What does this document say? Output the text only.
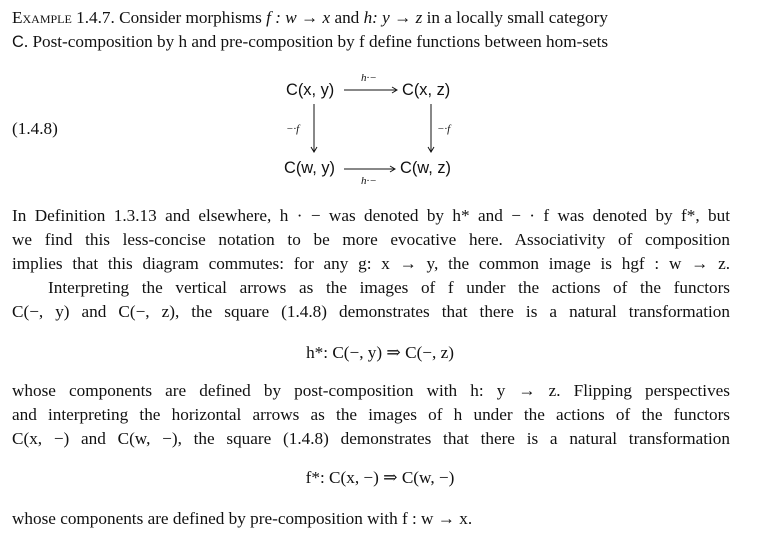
Example 1.4.7. Consider morphisms f : w → x and h: y → z in a locally small category
C. Post-composition by h and pre-composition by f define functions between hom-sets
(1.4.8)
C(x, y)	C(x, z)
C(w, y)	C(w, z)
h·−
h·−
−·f	−·f
In Definition 1.3.13 and elsewhere, h · − was denoted by h* and − · f was denoted by f*, but
we find this less-concise notation to be more evocative here. Associativity of composition
implies that this diagram commutes: for any g: x → y, the common image is hgf : w → z.
Interpreting the vertical arrows as the images of f under the actions of the functors
C(−, y) and C(−, z), the square (1.4.8) demonstrates that there is a natural transformation
h*: C(−, y) ⇒ C(−, z)
whose components are defined by post-composition with h: y → z. Flipping perspectives
and interpreting the horizontal arrows as the images of h under the actions of the functors
C(x, −) and C(w, −), the square (1.4.8) demonstrates that there is a natural transformation
f*: C(x, −) ⇒ C(w, −)
whose components are defined by pre-composition with f : w → x.
